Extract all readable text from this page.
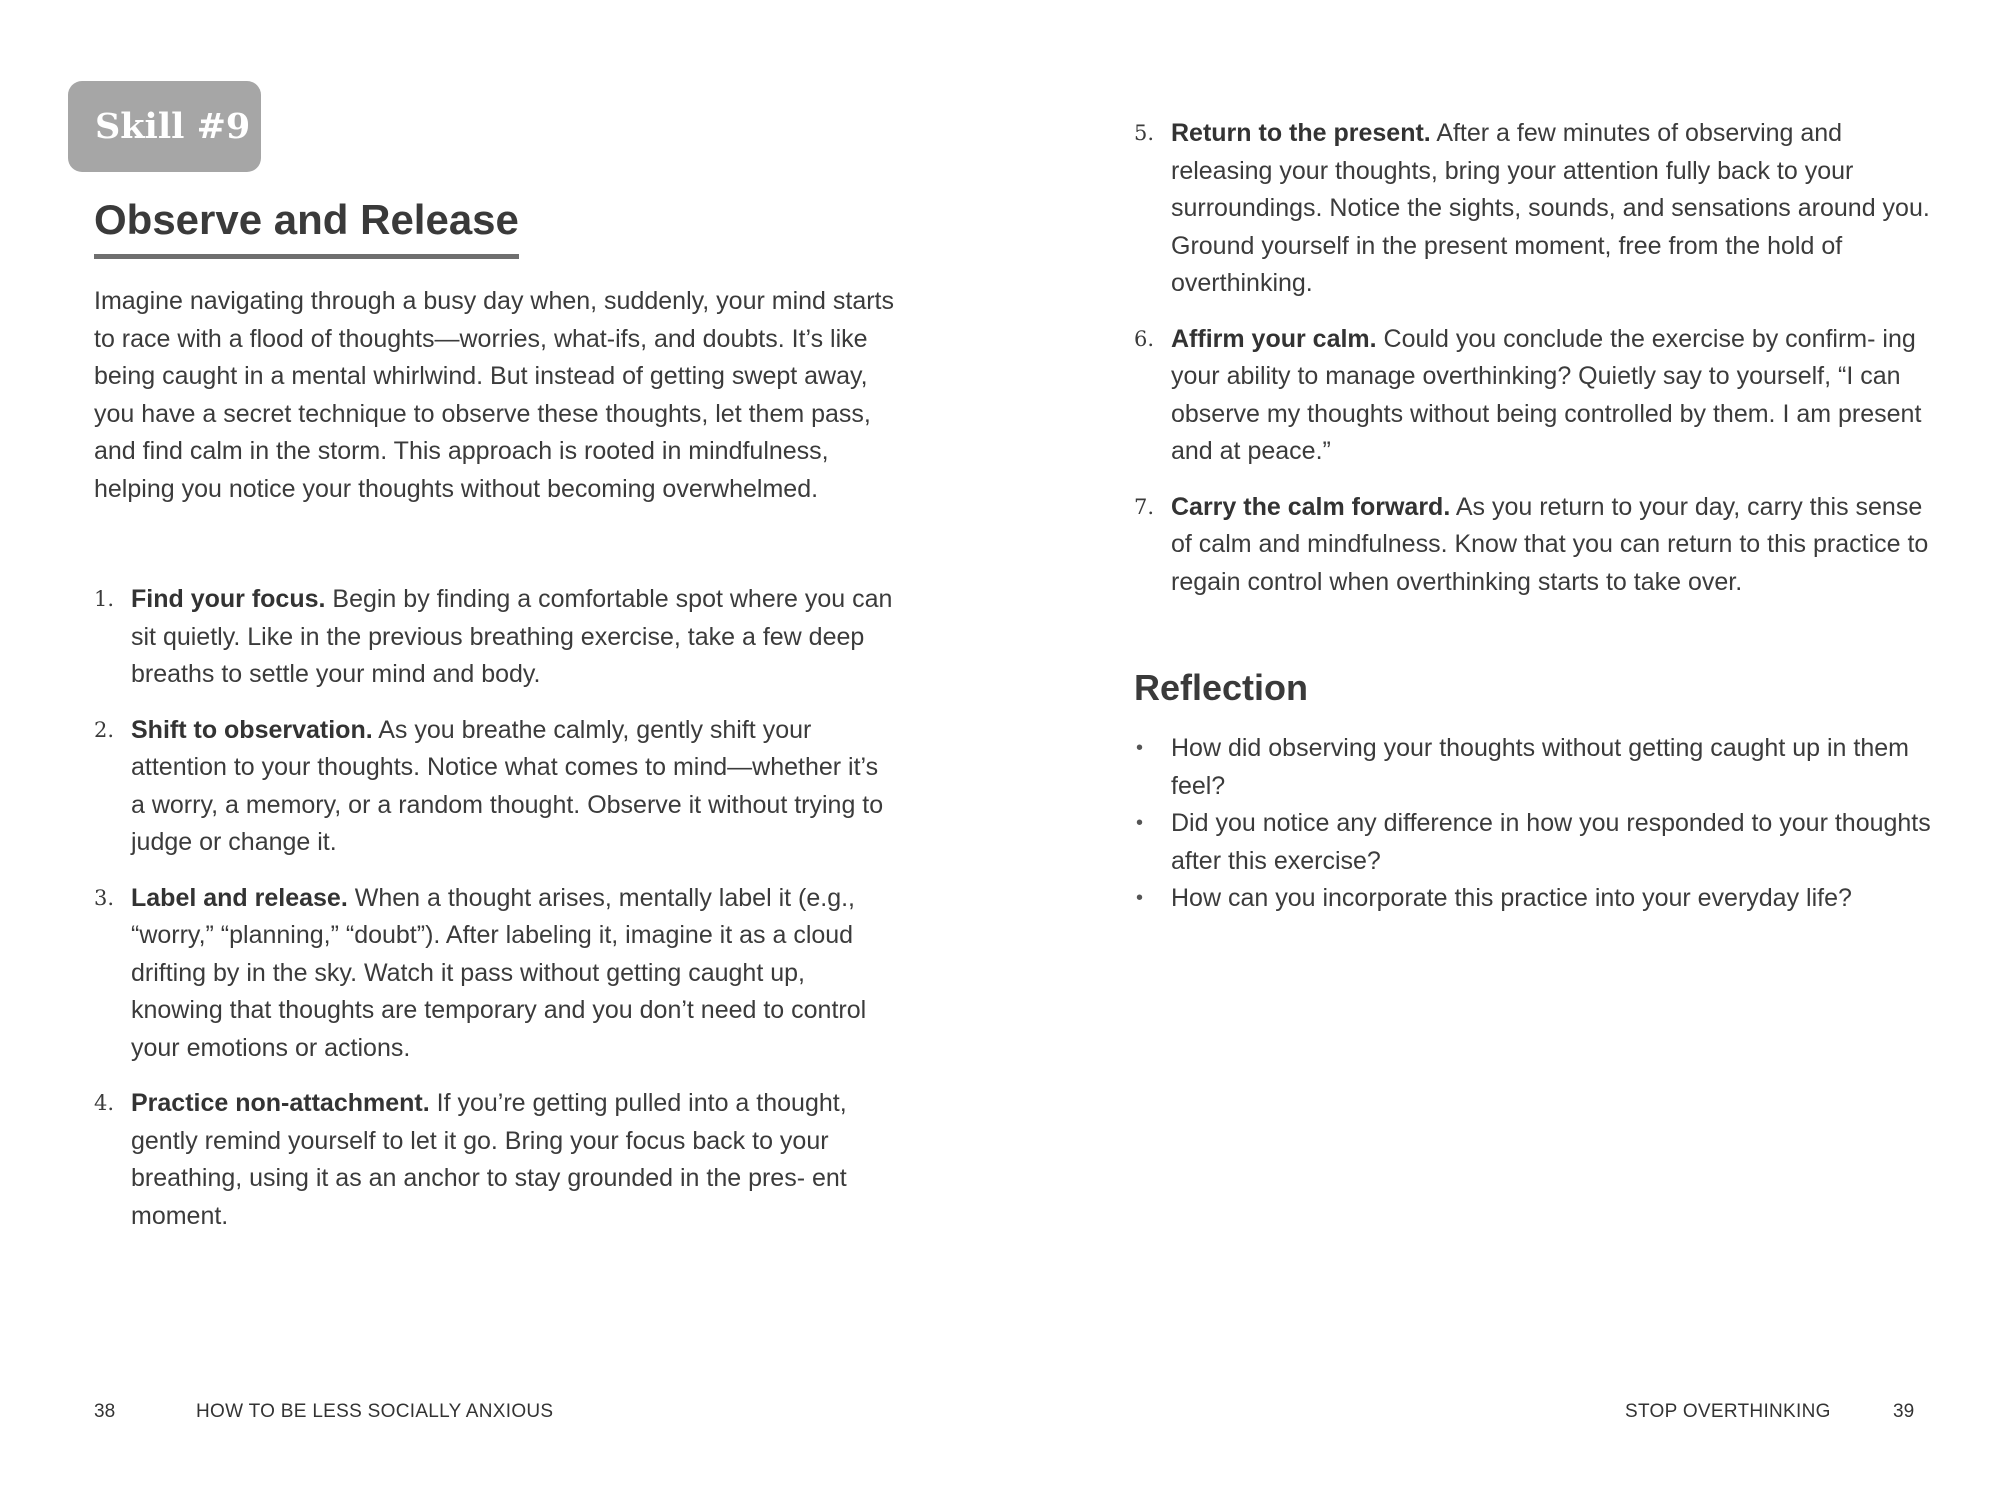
Skill #9
Observe and Release

Imagine navigating through a busy day when, suddenly, your mind starts to race with a flood of thoughts—worries, what-ifs, and doubts. It’s like being caught in a mental whirlwind. But instead of getting swept away, you have a secret technique to observe these thoughts, let them pass, and find calm in the storm. This approach is rooted in mindfulness, helping you notice your thoughts without becoming overwhelmed.

1. Find your focus. Begin by finding a comfortable spot where you can sit quietly. Like in the previous breathing exercise, take a few deep breaths to settle your mind and body.
2. Shift to observation. As you breathe calmly, gently shift your attention to your thoughts. Notice what comes to mind—whether it’s a worry, a memory, or a random thought. Observe it without trying to judge or change it.
3. Label and release. When a thought arises, mentally label it (e.g., “worry,” “planning,” “doubt”). After labeling it, imagine it as a cloud drifting by in the sky. Watch it pass without getting caught up, knowing that thoughts are temporary and you don’t need to control your emotions or actions.
4. Practice non-attachment. If you’re getting pulled into a thought, gently remind yourself to let it go. Bring your focus back to your breathing, using it as an anchor to stay grounded in the pres- ent moment.
38	HOW TO BE LESS SOCIALLY ANXIOUS
5. Return to the present. After a few minutes of observing and releasing your thoughts, bring your attention fully back to your surroundings. Notice the sights, sounds, and sensations around you. Ground yourself in the present moment, free from the hold of overthinking.
6. Affirm your calm. Could you conclude the exercise by confirm- ing your ability to manage overthinking? Quietly say to yourself, “I can observe my thoughts without being controlled by them. I am present and at peace.”
7. Carry the calm forward. As you return to your day, carry this sense of calm and mindfulness. Know that you can return to this practice to regain control when overthinking starts to take over.
Reflection
• How did observing your thoughts without getting caught up in them feel?
• Did you notice any difference in how you responded to your thoughts after this exercise?
• How can you incorporate this practice into your everyday life?
STOP OVERTHINKING	39
